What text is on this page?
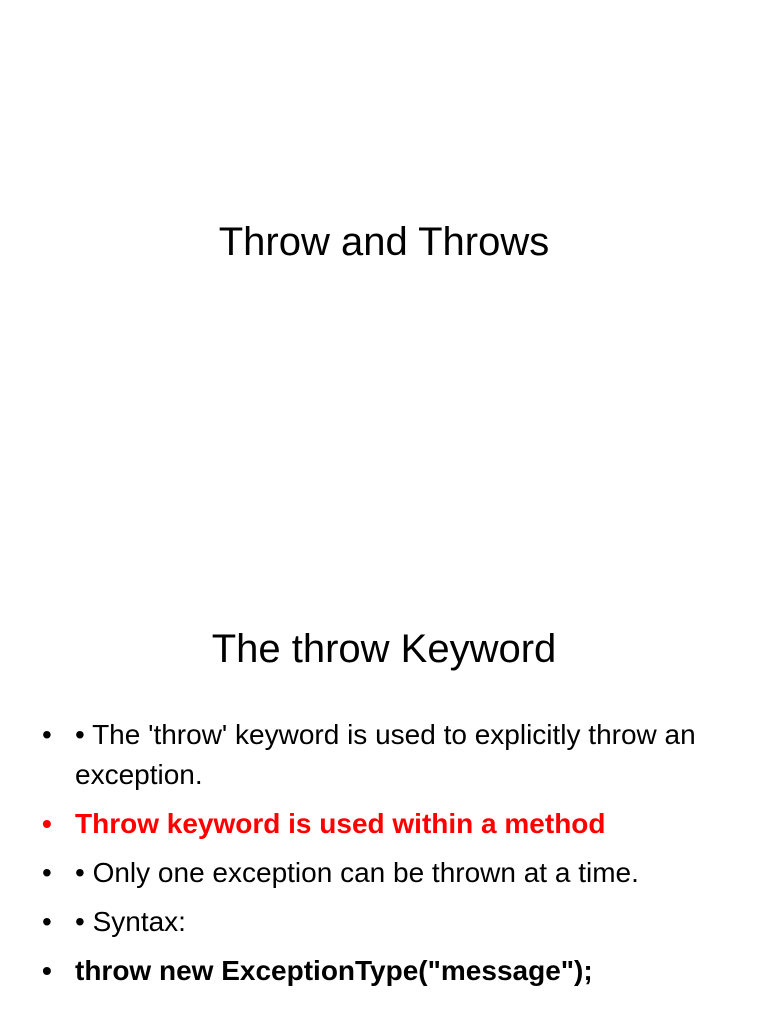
Throw and Throws
The throw Keyword
• • The 'throw' keyword is used to explicitly throw an exception.
• Throw keyword is used within a method
• • Only one exception can be thrown at a time.
• • Syntax:
• throw new ExceptionType("message");
